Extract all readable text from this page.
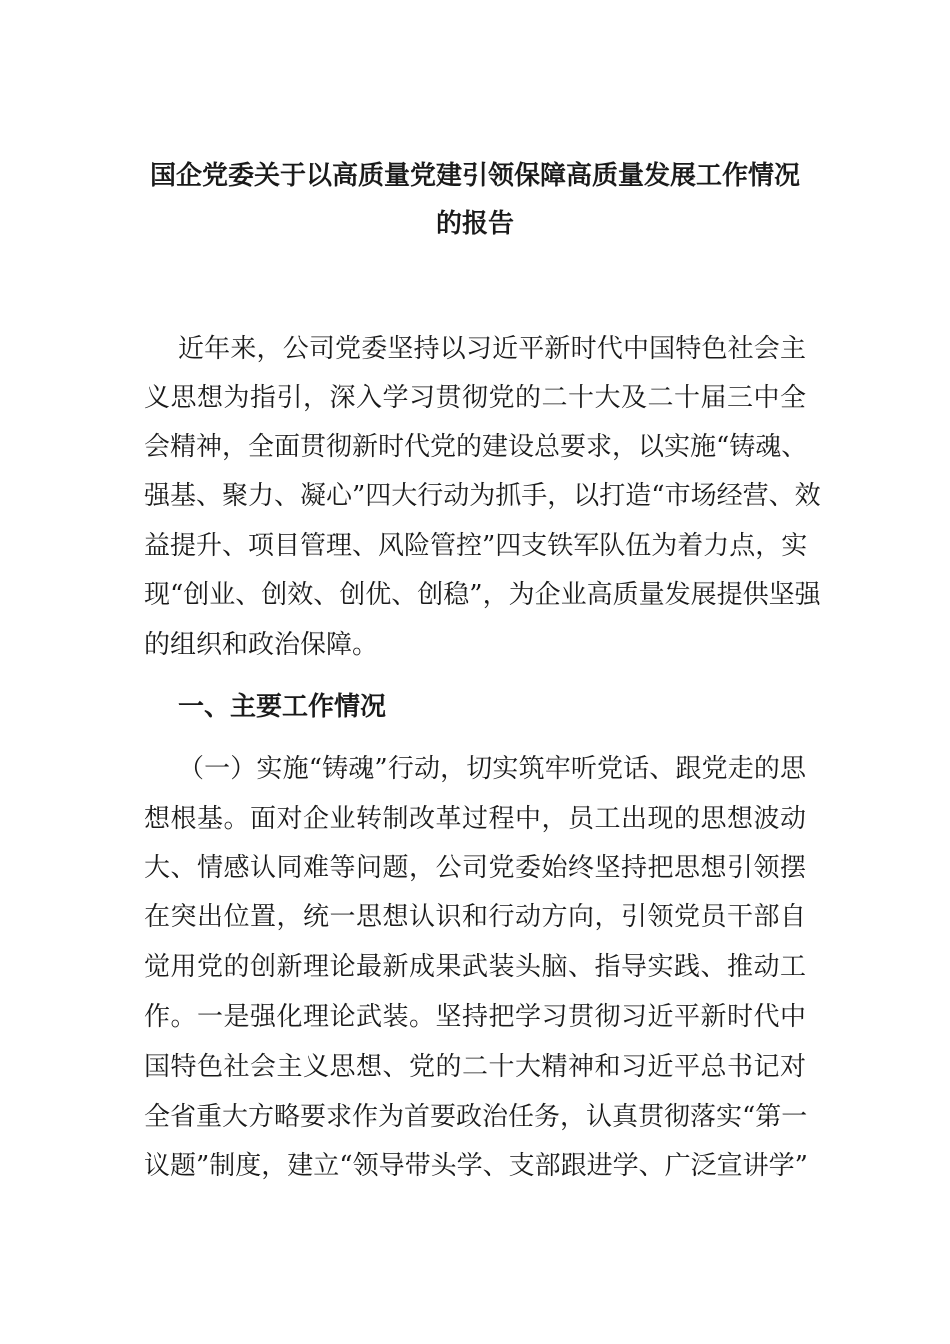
国企党委关于以高质量党建引领保障高质量发展工作情况
的报告

近年来，公司党委坚持以习近平新时代中国特色社会主

义思想为指引，深入学习贯彻党的二十大及二十届三中全

会精神，全面贯彻新时代党的建设总要求，以实施“铸魂、

强基、聚力、凝心”四大行动为抓手，以打造“市场经营、效

益提升、项目管理、风险管控”四支铁军队伍为着力点，实

现“创业、创效、创优、创稳”，为企业高质量发展提供坚强

的组织和政治保障。

一、主要工作情况

（一）实施“铸魂”行动，切实筑牢听党话、跟党走的思

想根基。面对企业转制改革过程中，员工出现的思想波动

大、情感认同难等问题，公司党委始终坚持把思想引领摆

在突出位置，统一思想认识和行动方向，引领党员干部自

觉用党的创新理论最新成果武装头脑、指导实践、推动工

作。一是强化理论武装。坚持把学习贯彻习近平新时代中

国特色社会主义思想、党的二十大精神和习近平总书记对

全省重大方略要求作为首要政治任务，认真贯彻落实“第一

议题”制度，建立“领导带头学、支部跟进学、广泛宣讲学”
